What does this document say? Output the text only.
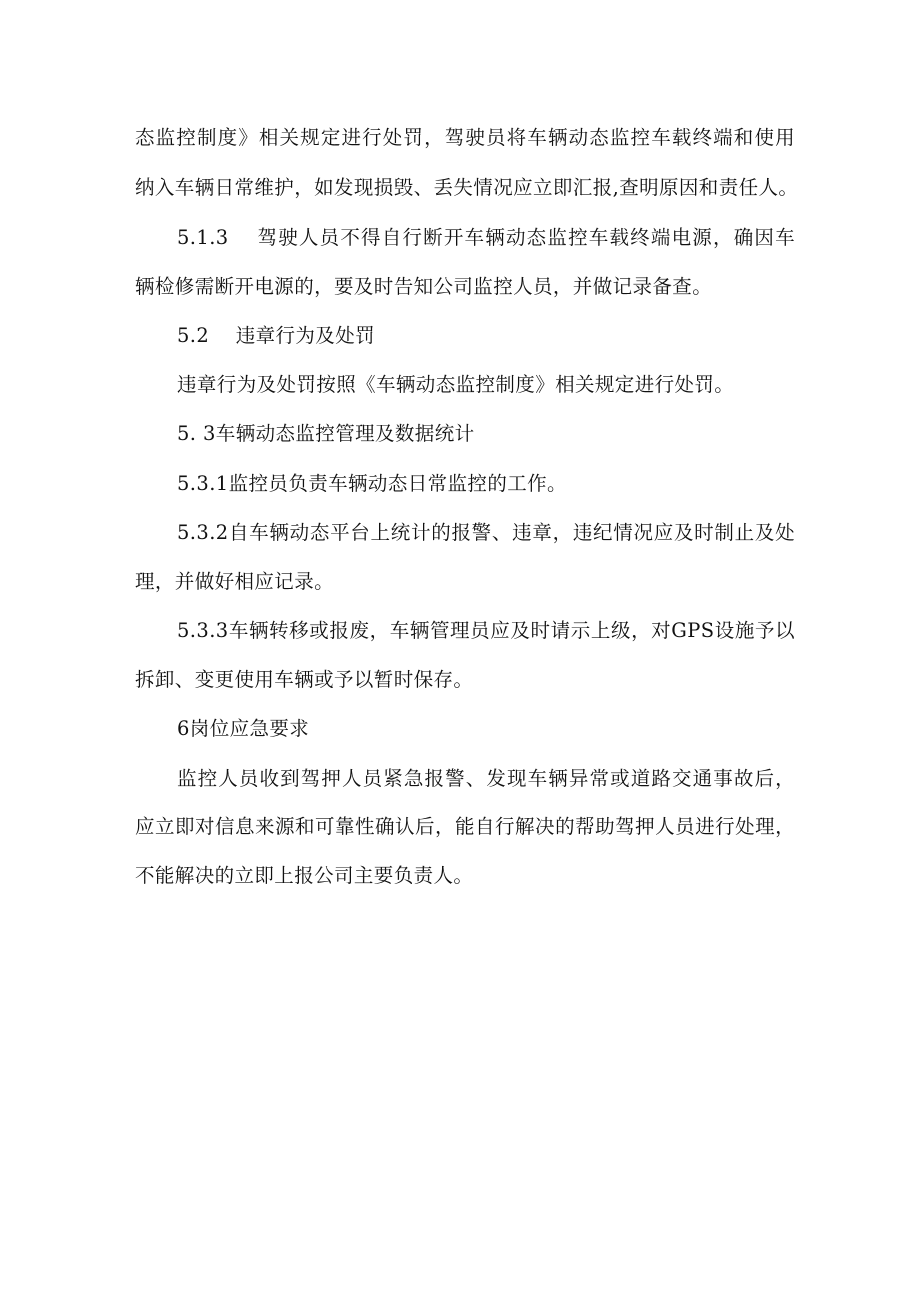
态监控制度》相关规定进行处罚，驾驶员将车辆动态监控车载终端和使用
纳入车辆日常维护，如发现损毁、丢失情况应立即汇报,查明原因和责任人。
5.1.3　 驾驶人员不得自行断开车辆动态监控车载终端电源，确因车
辆检修需断开电源的，要及时告知公司监控人员，并做记录备查。
5.2　 违章行为及处罚
违章行为及处罚按照《车辆动态监控制度》相关规定进行处罚。
5. 3车辆动态监控管理及数据统计
5.3.1监控员负责车辆动态日常监控的工作。
5.3.2自车辆动态平台上统计的报警、违章，违纪情况应及时制止及处
理，并做好相应记录。
5.3.3车辆转移或报废，车辆管理员应及时请示上级，对GPS设施予以
拆卸、变更使用车辆或予以暂时保存。
6岗位应急要求
监控人员收到驾押人员紧急报警、发现车辆异常或道路交通事故后，
应立即对信息来源和可靠性确认后，能自行解决的帮助驾押人员进行处理，
不能解决的立即上报公司主要负责人。
